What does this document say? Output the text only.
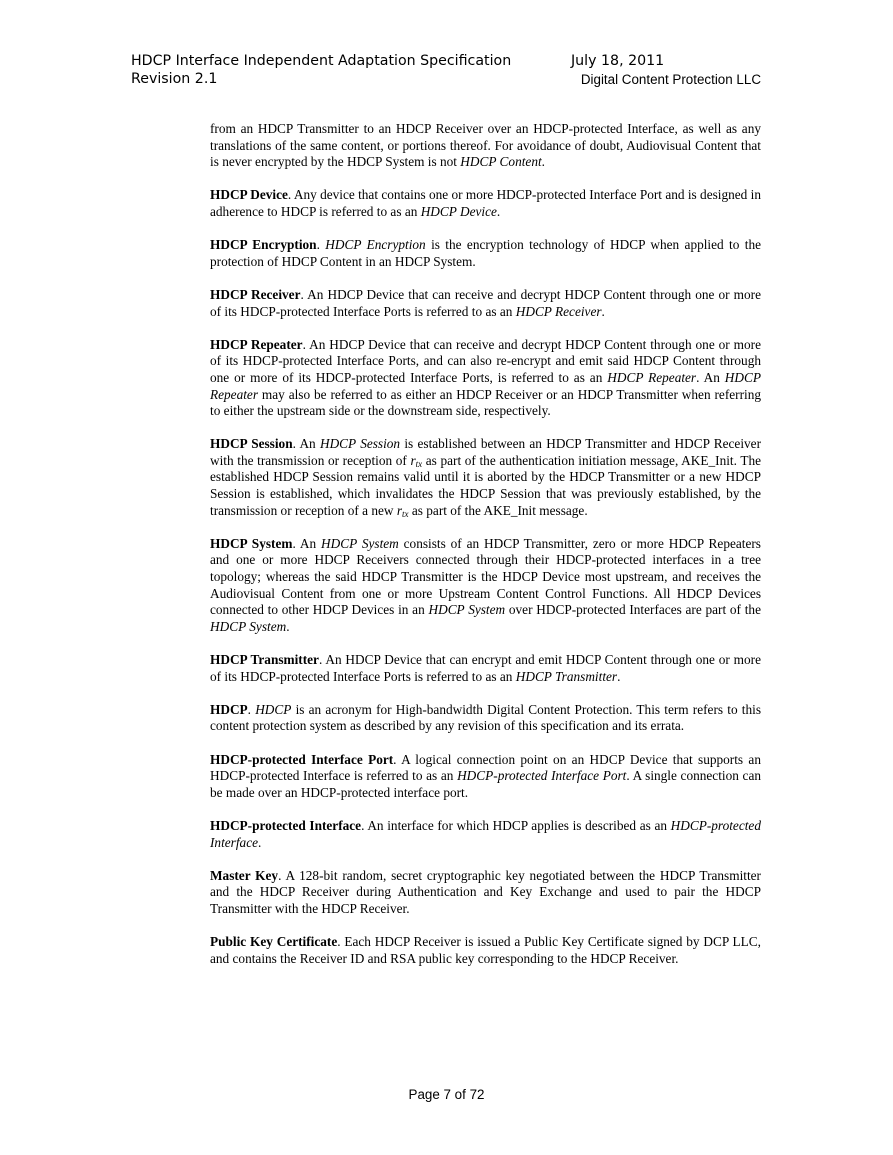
HDCP Interface Independent Adaptation Specification	July 18, 2011
Revision 2.1	Digital Content Protection LLC

from an HDCP Transmitter to an HDCP Receiver over an HDCP-protected Interface, as well as any translations of the same content, or portions thereof. For avoidance of doubt, Audiovisual Content that is never encrypted by the HDCP System is not HDCP Content.

HDCP Device. Any device that contains one or more HDCP-protected Interface Port and is designed in adherence to HDCP is referred to as an HDCP Device.

HDCP Encryption. HDCP Encryption is the encryption technology of HDCP when applied to the protection of HDCP Content in an HDCP System.

HDCP Receiver. An HDCP Device that can receive and decrypt HDCP Content through one or more of its HDCP-protected Interface Ports is referred to as an HDCP Receiver.

HDCP Repeater. An HDCP Device that can receive and decrypt HDCP Content through one or more of its HDCP-protected Interface Ports, and can also re-encrypt and emit said HDCP Content through one or more of its HDCP-protected Interface Ports, is referred to as an HDCP Repeater. An HDCP Repeater may also be referred to as either an HDCP Receiver or an HDCP Transmitter when referring to either the upstream side or the downstream side, respectively.

HDCP Session. An HDCP Session is established between an HDCP Transmitter and HDCP Receiver with the transmission or reception of $r_{tx}$ as part of the authentication initiation message, AKE_Init. The established HDCP Session remains valid until it is aborted by the HDCP Transmitter or a new HDCP Session is established, which invalidates the HDCP Session that was previously established, by the transmission or reception of a new $r_{tx}$ as part of the AKE_Init message.

HDCP System. An HDCP System consists of an HDCP Transmitter, zero or more HDCP Repeaters and one or more HDCP Receivers connected through their HDCP-protected interfaces in a tree topology; whereas the said HDCP Transmitter is the HDCP Device most upstream, and receives the Audiovisual Content from one or more Upstream Content Control Functions. All HDCP Devices connected to other HDCP Devices in an HDCP System over HDCP-protected Interfaces are part of the HDCP System.

HDCP Transmitter. An HDCP Device that can encrypt and emit HDCP Content through one or more of its HDCP-protected Interface Ports is referred to as an HDCP Transmitter.

HDCP. HDCP is an acronym for High-bandwidth Digital Content Protection. This term refers to this content protection system as described by any revision of this specification and its errata.

HDCP-protected Interface Port. A logical connection point on an HDCP Device that supports an HDCP-protected Interface is referred to as an HDCP-protected Interface Port. A single connection can be made over an HDCP-protected interface port.

HDCP-protected Interface. An interface for which HDCP applies is described as an HDCP-protected Interface.

Master Key. A 128-bit random, secret cryptographic key negotiated between the HDCP Transmitter and the HDCP Receiver during Authentication and Key Exchange and used to pair the HDCP Transmitter with the HDCP Receiver.

Public Key Certificate. Each HDCP Receiver is issued a Public Key Certificate signed by DCP LLC, and contains the Receiver ID and RSA public key corresponding to the HDCP Receiver.

Page 7 of 72
